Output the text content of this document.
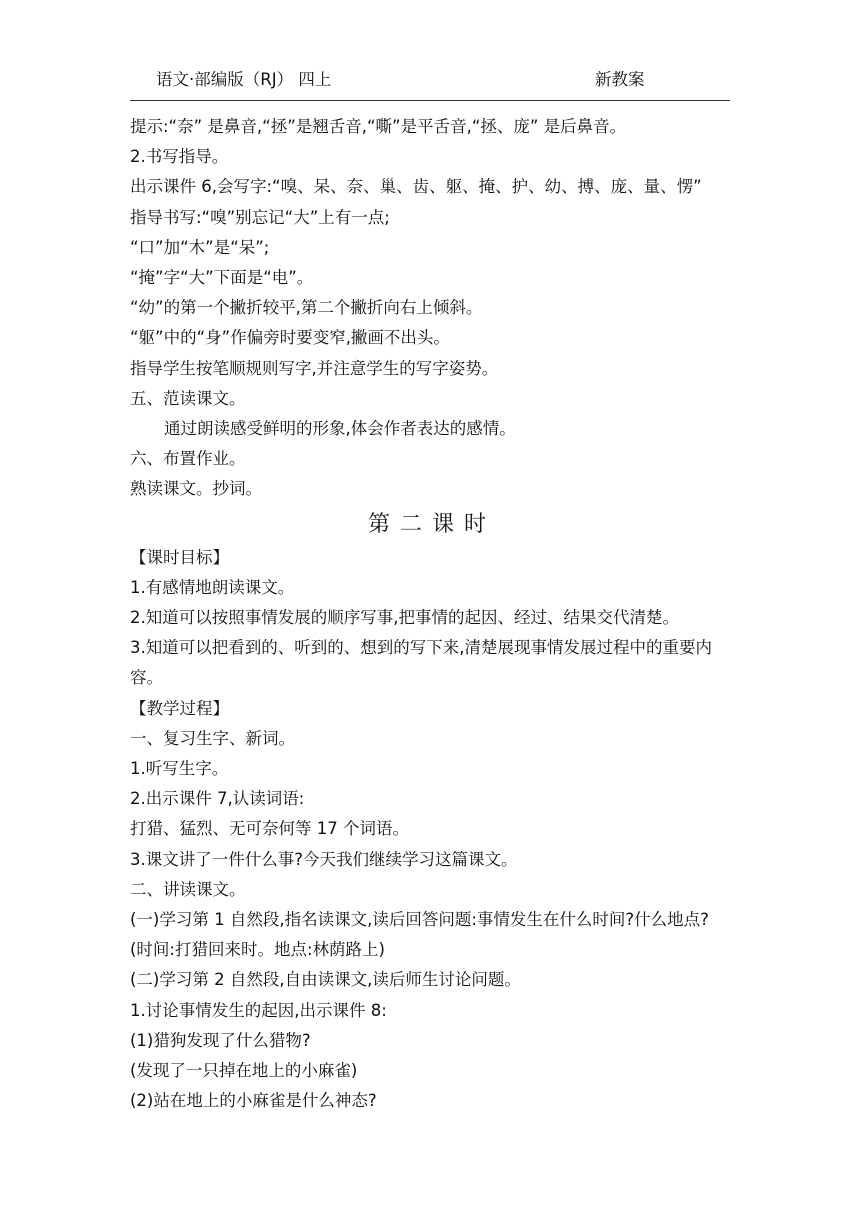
语文·部编版（RJ） 四上	新教案
提示:“奈” 是鼻音,“拯”是翘舌音,“嘶”是平舌音,“拯、庞” 是后鼻音。
2.书写指导。
出示课件 6,会写字:“嗅、呆、奈、巢、齿、躯、掩、护、幼、搏、庞、量、愣”
指导书写:“嗅”别忘记“大”上有一点;
“口”加“木”是“呆”;
“掩”字“大”下面是“电”。
“幼”的第一个撇折较平,第二个撇折向右上倾斜。
“躯”中的“身”作偏旁时要变窄,撇画不出头。
指导学生按笔顺规则写字,并注意学生的写字姿势。
五、范读课文。
通过朗读感受鲜明的形象,体会作者表达的感情。
六、布置作业。
熟读课文。抄词。
第二课时
【课时目标】
1.有感情地朗读课文。
2.知道可以按照事情发展的顺序写事,把事情的起因、经过、结果交代清楚。
3.知道可以把看到的、听到的、想到的写下来,清楚展现事情发展过程中的重要内容。
【教学过程】
一、复习生字、新词。
1.听写生字。
2.出示课件 7,认读词语:
打猎、猛烈、无可奈何等 17 个词语。
3.课文讲了一件什么事?今天我们继续学习这篇课文。
二、讲读课文。
(一)学习第 1 自然段,指名读课文,读后回答问题:事情发生在什么时间?什么地点?
(时间:打猎回来时。地点:林荫路上)
(二)学习第 2 自然段,自由读课文,读后师生讨论问题。
1.讨论事情发生的起因,出示课件 8:
(1)猎狗发现了什么猎物?
(发现了一只掉在地上的小麻雀)
(2)站在地上的小麻雀是什么神态?
